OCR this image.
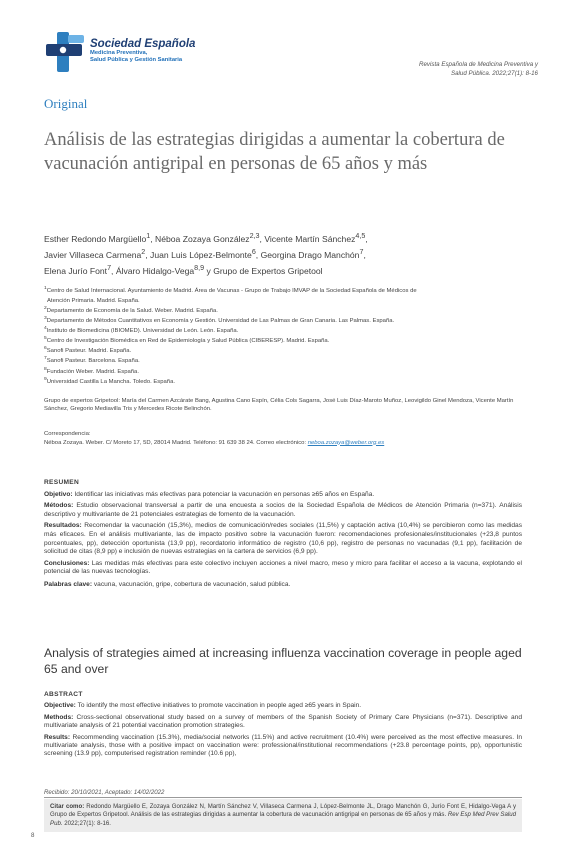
Sociedad Española
Medicina Preventiva,
Salud Pública y Gestión Sanitaria
Revista Española de Medicina Preventiva y
Salud Pública. 2022;27(1): 8-16
Original
Análisis de las estrategias dirigidas a aumentar la cobertura de vacunación antigripal en personas de 65 años y más
Esther Redondo Margüello$^1$, Néboa Zozaya González$^{2,3}$, Vicente Martín Sánchez$^{4,5}$,
Javier Villaseca Carmena$^2$, Juan Luis López-Belmonte$^6$, Georgina Drago Manchón$^7$,
Elena Jurío Font$^7$, Álvaro Hidalgo-Vega$^{8,9}$ y Grupo de Expertos Gripetool
$^1$Centro de Salud Internacional. Ayuntamiento de Madrid. Área de Vacunas - Grupo de Trabajo IMVAP de la Sociedad Española de Médicos de
Atención Primaria. Madrid. España.
$^2$Departamento de Economía de la Salud. Weber. Madrid. España.
$^3$Departamento de Métodos Cuantitativos en Economía y Gestión. Universidad de Las Palmas de Gran Canaria. Las Palmas. España.
$^4$Instituto de Biomedicina (IBIOMED). Universidad de León. León. España.
$^5$Centro de Investigación Biomédica en Red de Epidemiología y Salud Pública (CIBERESP). Madrid. España.
$^6$Sanofi Pasteur. Madrid. España.
$^7$Sanofi Pasteur. Barcelona. España.
$^8$Fundación Weber. Madrid. España.
$^9$Universidad Castilla La Mancha. Toledo. España.
Grupo de expertos Gripetool: María del Carmen Azcárate Bang, Agustina Cano Espín, Célia Cols Sagarra, José Luis Díaz-Maroto Muñoz, Leovigildo Ginel Mendoza, Vicente Martín Sánchez, Gregorio Mediavilla Tris y Mercedes Ricote Belinchón.
Correspondencia:
Néboa Zozaya. Weber. C/ Moreto 17, 5D, 28014 Madrid. Teléfono: 91 639 38 24. Correo electrónico: neboa.zozaya@weber.org.es
RESUMEN
Objetivo: Identificar las iniciativas más efectivas para potenciar la vacunación en personas ≥65 años en España.
Métodos: Estudio observacional transversal a partir de una encuesta a socios de la Sociedad Española de Médicos de Atención Primaria (n=371). Análisis descriptivo y multivariante de 21 potenciales estrategias de fomento de la vacunación.
Resultados: Recomendar la vacunación (15,3%), medios de comunicación/redes sociales (11,5%) y captación activa (10,4%) se percibieron como las medidas más eficaces. En el análisis multivariante, las de impacto positivo sobre la vacunación fueron: recomendaciones profesionales/institucionales (+23,8 puntos porcentuales, pp), detección oportunista (13,9 pp), recordatorio informático de registro (10,6 pp), registro de personas no vacunadas (9,1 pp), facilitación de solicitud de citas (8,9 pp) e inclusión de nuevas estrategias en la cartera de servicios (6,9 pp).
Conclusiones: Las medidas más efectivas para este colectivo incluyen acciones a nivel macro, meso y micro para facilitar el acceso a la vacuna, explotando el potencial de las nuevas tecnologías.
Palabras clave: vacuna, vacunación, gripe, cobertura de vacunación, salud pública.
Analysis of strategies aimed at increasing influenza vaccination coverage in people aged 65 and over
ABSTRACT
Objective: To identify the most effective initiatives to promote vaccination in people aged ≥65 years in Spain.
Methods: Cross-sectional observational study based on a survey of members of the Spanish Society of Primary Care Physicians (n=371). Descriptive and multivariate analysis of 21 potential vaccination promotion strategies.
Results: Recommending vaccination (15.3%), media/social networks (11.5%) and active recruitment (10.4%) were perceived as the most effective measures. In multivariate analysis, those with a positive impact on vaccination were: professional/institutional recommendations (+23.8 percentage points, pp), opportunistic screening (13.9 pp), computerised registration reminder (10.6 pp),
Recibido: 20/10/2021, Aceptado: 14/02/2022
Citar como: Redondo Margüello E, Zozaya González N, Martín Sánchez V, Villaseca Carmena J, López-Belmonte JL, Drago Manchón G, Jurío Font E, Hidalgo-Vega A y Grupo de Expertos Gripetool. Análisis de las estrategias dirigidas a aumentar la cobertura de vacunación antigripal en personas de 65 años y más. Rev Esp Med Prev Salud Pub. 2022;27(1): 8-16.
8
